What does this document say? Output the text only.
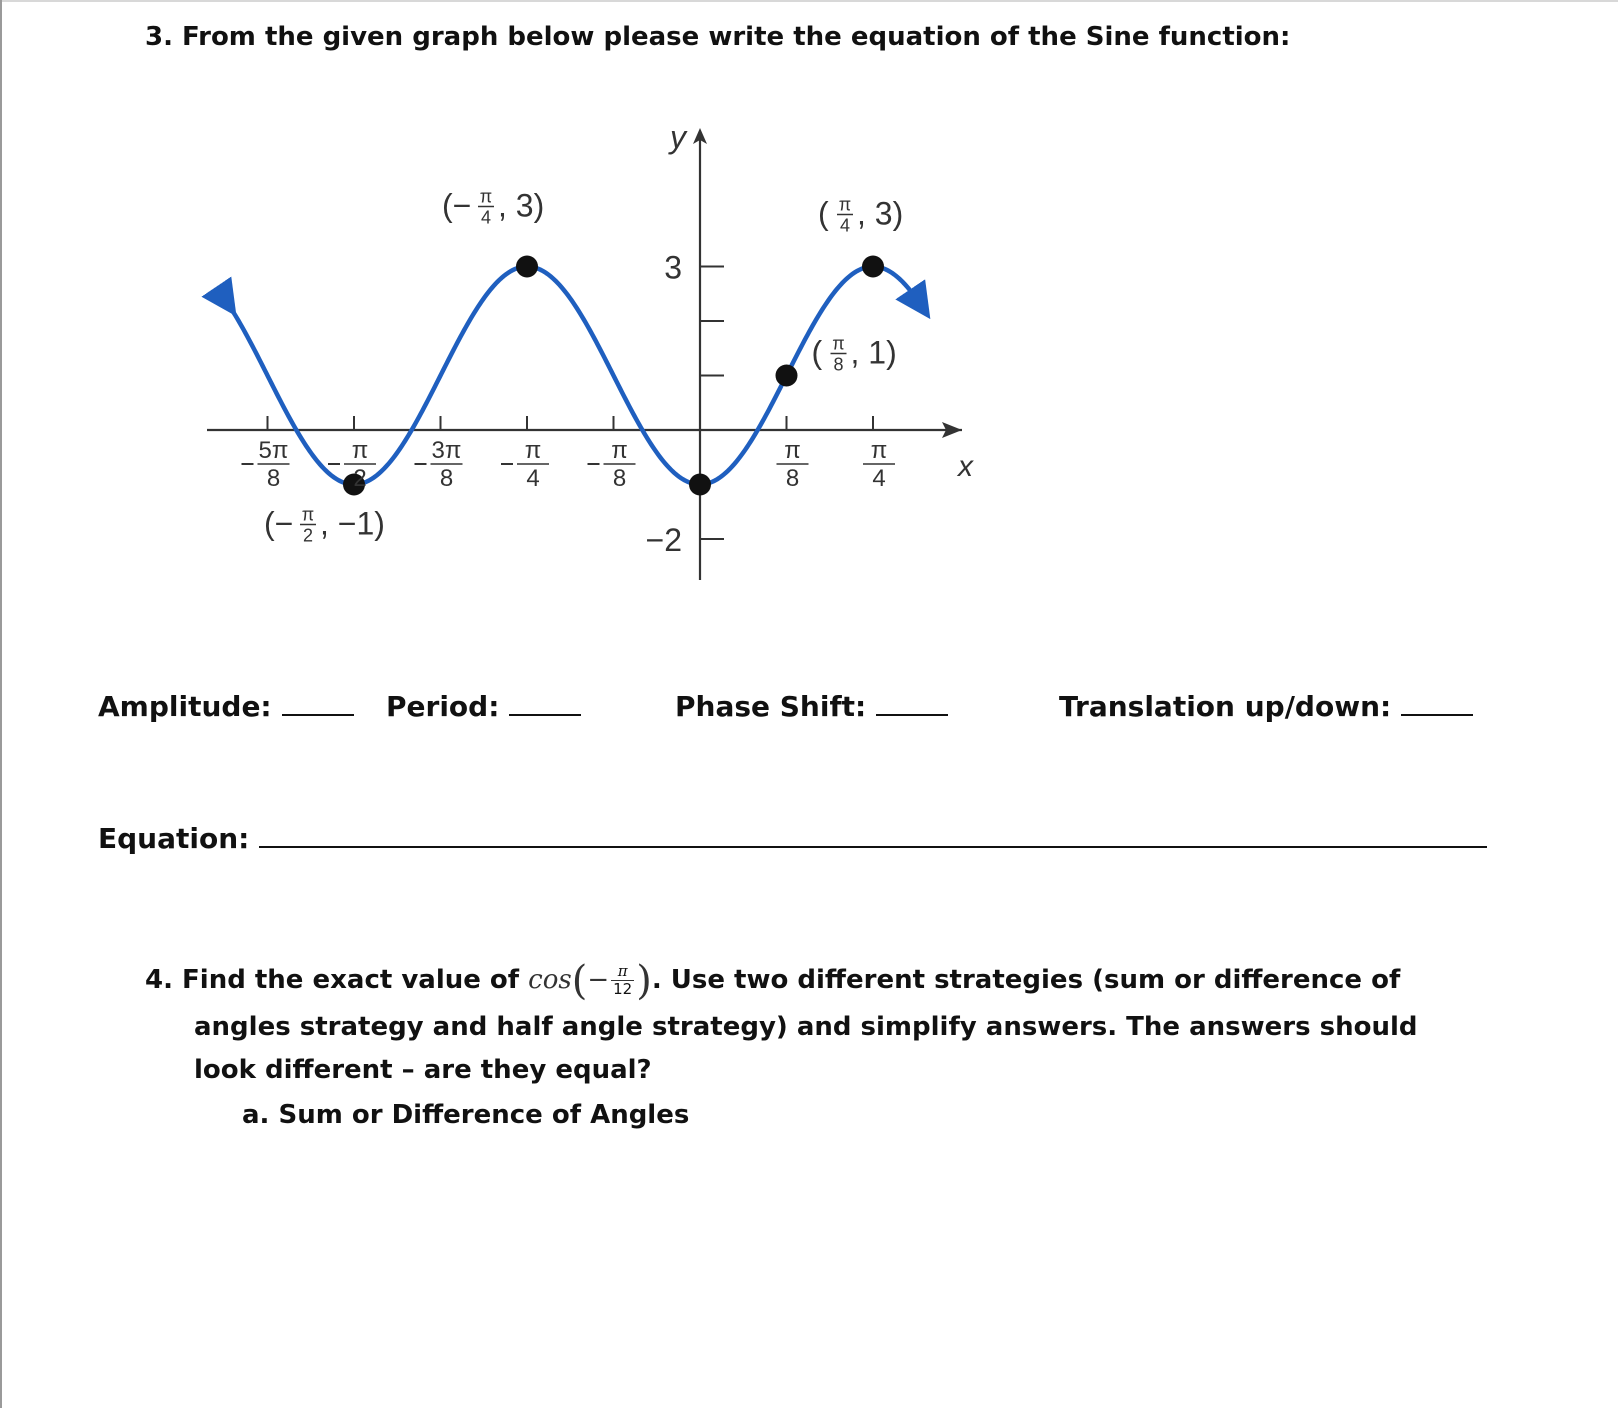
3. From the given graph below please write the equation of the Sine function:
y
x
5π
8
π
2
3π
8
π
4
π
8
π
8
π
4
3
−2
(− π
4 , 3)	( π
4 , 3)
( π
8 , 1)
(− π
2 , −1)
Amplitude:	Period:	Phase Shift:	Translation up/down:
Equation:
4. Find the exact value of $\cos(- \frac{\pi}{12}$ ). Use two different strategies (sum or difference of
angles strategy and half angle strategy) and simplify answers. The answers should
look different – are they equal?
a. Sum or Difference of Angles
